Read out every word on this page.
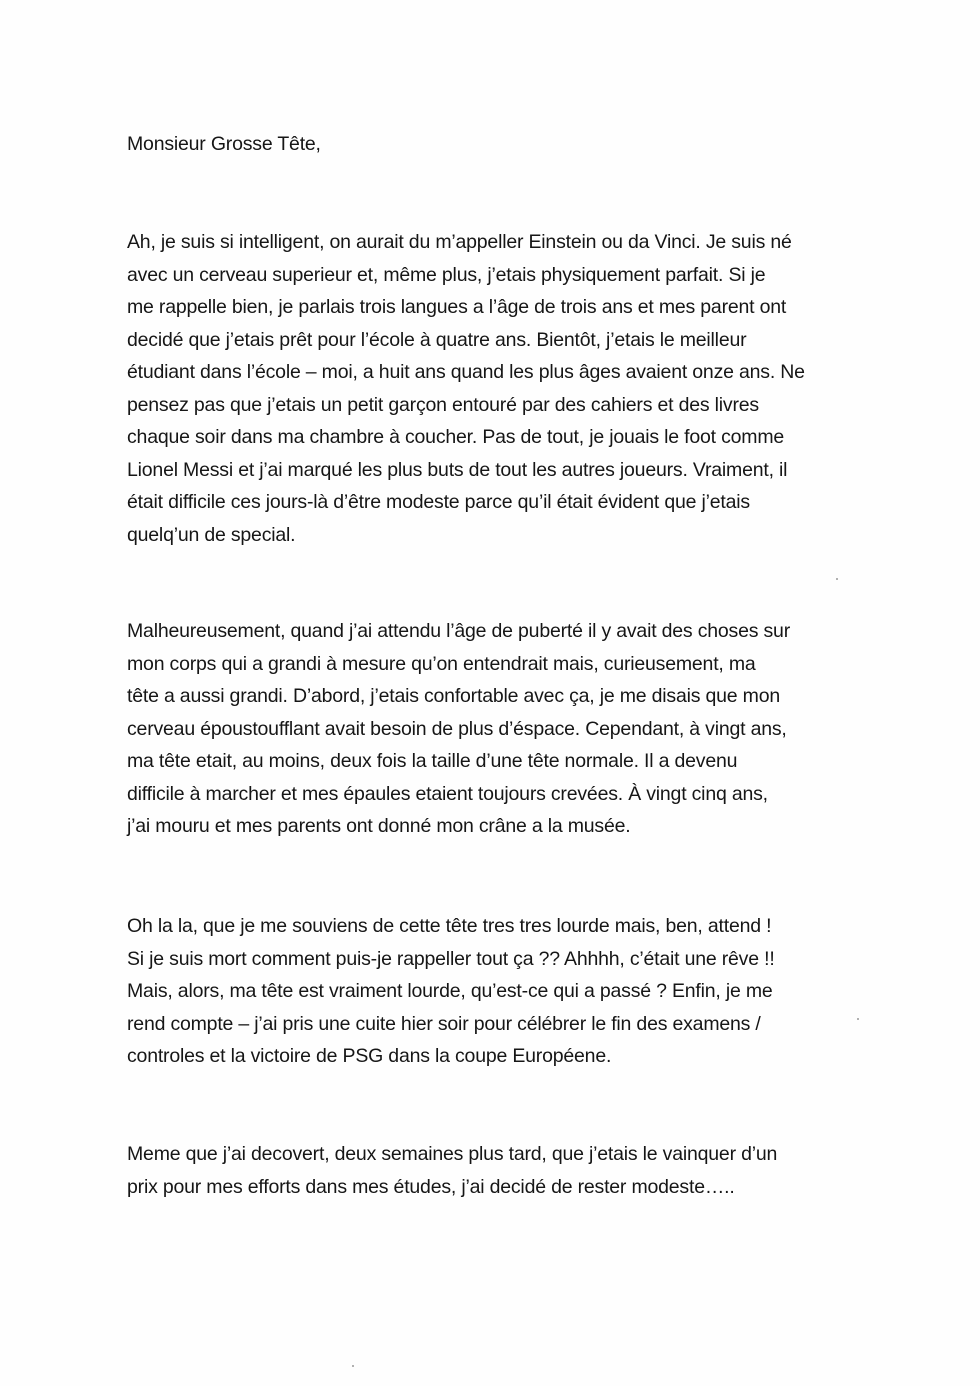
Monsieur Grosse Tête,
Ah, je suis si intelligent, on aurait du m’appeller Einstein ou da Vinci. Je suis né
avec un cerveau superieur et, même plus, j’etais physiquement parfait. Si je
me rappelle bien, je parlais trois langues a l’âge de trois ans et mes parent ont
decidé que j’etais prêt pour l’école à quatre ans. Bientôt, j’etais le meilleur
étudiant dans l’école – moi, a huit ans quand les plus âges avaient onze ans. Ne
pensez pas que j’etais un petit garçon entouré par des cahiers et des livres
chaque soir dans ma chambre à coucher. Pas de tout, je jouais le foot comme
Lionel Messi et j’ai marqué les plus buts de tout les autres joueurs. Vraiment, il
était difficile ces jours-là d’être modeste parce qu’il était évident que j’etais
quelq’un de special.
Malheureusement, quand j’ai attendu l’âge de puberté il y avait des choses sur
mon corps qui a grandi à mesure qu’on entendrait mais, curieusement, ma
tête a aussi grandi. D’abord, j’etais confortable avec ça, je me disais que mon
cerveau époustoufflant avait besoin de plus d’éspace. Cependant, à vingt ans,
ma tête etait, au moins, deux fois la taille d’une tête normale. Il a devenu
difficile à marcher et mes épaules etaient toujours crevées. À vingt cinq ans,
j’ai mouru et mes parents ont donné mon crâne a la musée.
Oh la la, que je me souviens de cette tête tres tres lourde mais, ben, attend !
Si je suis mort comment puis-je rappeller tout ça ?? Ahhhh, c’était une rêve !!
Mais, alors, ma tête est vraiment lourde, qu’est-ce qui a passé ? Enfin, je me
rend compte – j’ai pris une cuite hier soir pour célébrer le fin des examens /
controles et la victoire de PSG dans la coupe Européene.
Meme que j’ai decovert, deux semaines plus tard, que j’etais le vainquer d’un
prix pour mes efforts dans mes études, j’ai decidé de rester modeste…..
